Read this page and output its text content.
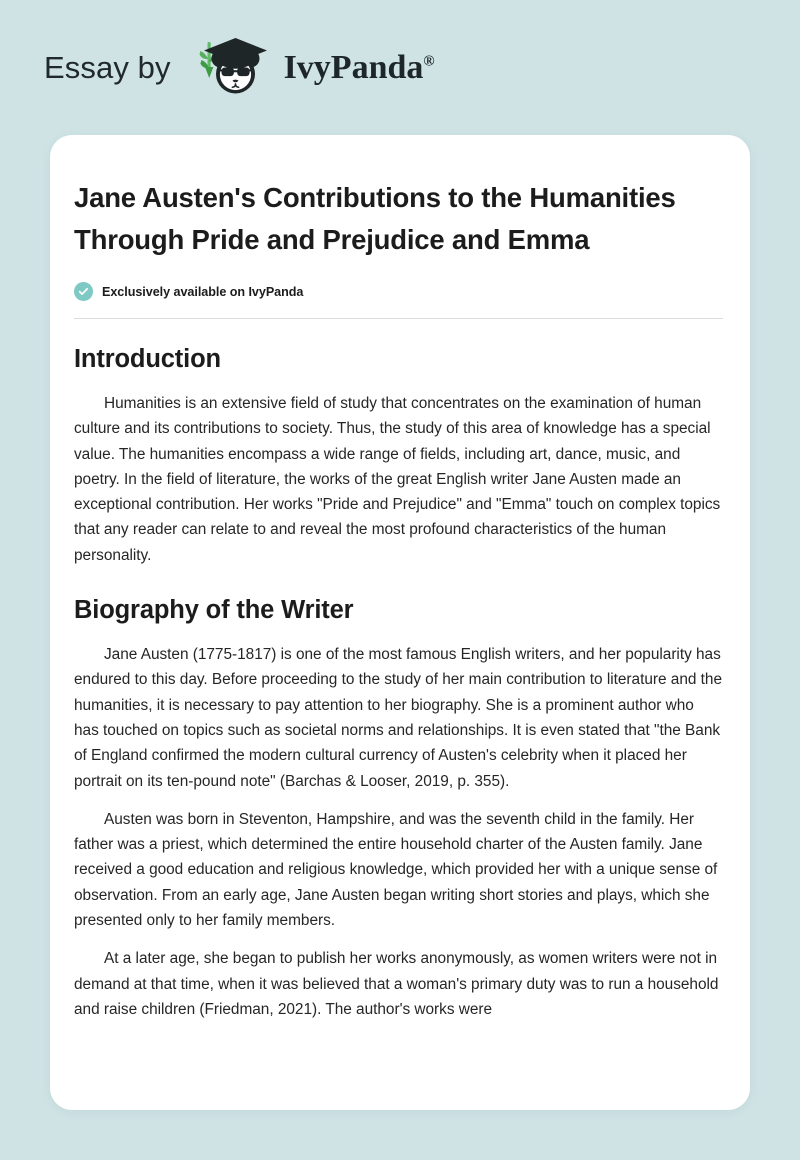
Essay by	IvyPanda®
Jane Austen's Contributions to the Humanities Through Pride and Prejudice and Emma
Exclusively available on IvyPanda
Introduction

Humanities is an extensive field of study that concentrates on the examination of human culture and its contributions to society. Thus, the study of this area of knowledge has a special value. The humanities encompass a wide range of fields, including art, dance, music, and poetry. In the field of literature, the works of the great English writer Jane Austen made an exceptional contribution. Her works "Pride and Prejudice" and "Emma" touch on complex topics that any reader can relate to and reveal the most profound characteristics of the human personality.

Biography of the Writer

Jane Austen (1775-1817) is one of the most famous English writers, and her popularity has endured to this day. Before proceeding to the study of her main contribution to literature and the humanities, it is necessary to pay attention to her biography. She is a prominent author who has touched on topics such as societal norms and relationships. It is even stated that "the Bank of England confirmed the modern cultural currency of Austen's celebrity when it placed her portrait on its ten-pound note" (Barchas & Looser, 2019, p. 355).

Austen was born in Steventon, Hampshire, and was the seventh child in the family. Her father was a priest, which determined the entire household charter of the Austen family. Jane received a good education and religious knowledge, which provided her with a unique sense of observation. From an early age, Jane Austen began writing short stories and plays, which she presented only to her family members.

At a later age, she began to publish her works anonymously, as women writers were not in demand at that time, when it was believed that a woman's primary duty was to run a household and raise children (Friedman, 2021). The author's works were
